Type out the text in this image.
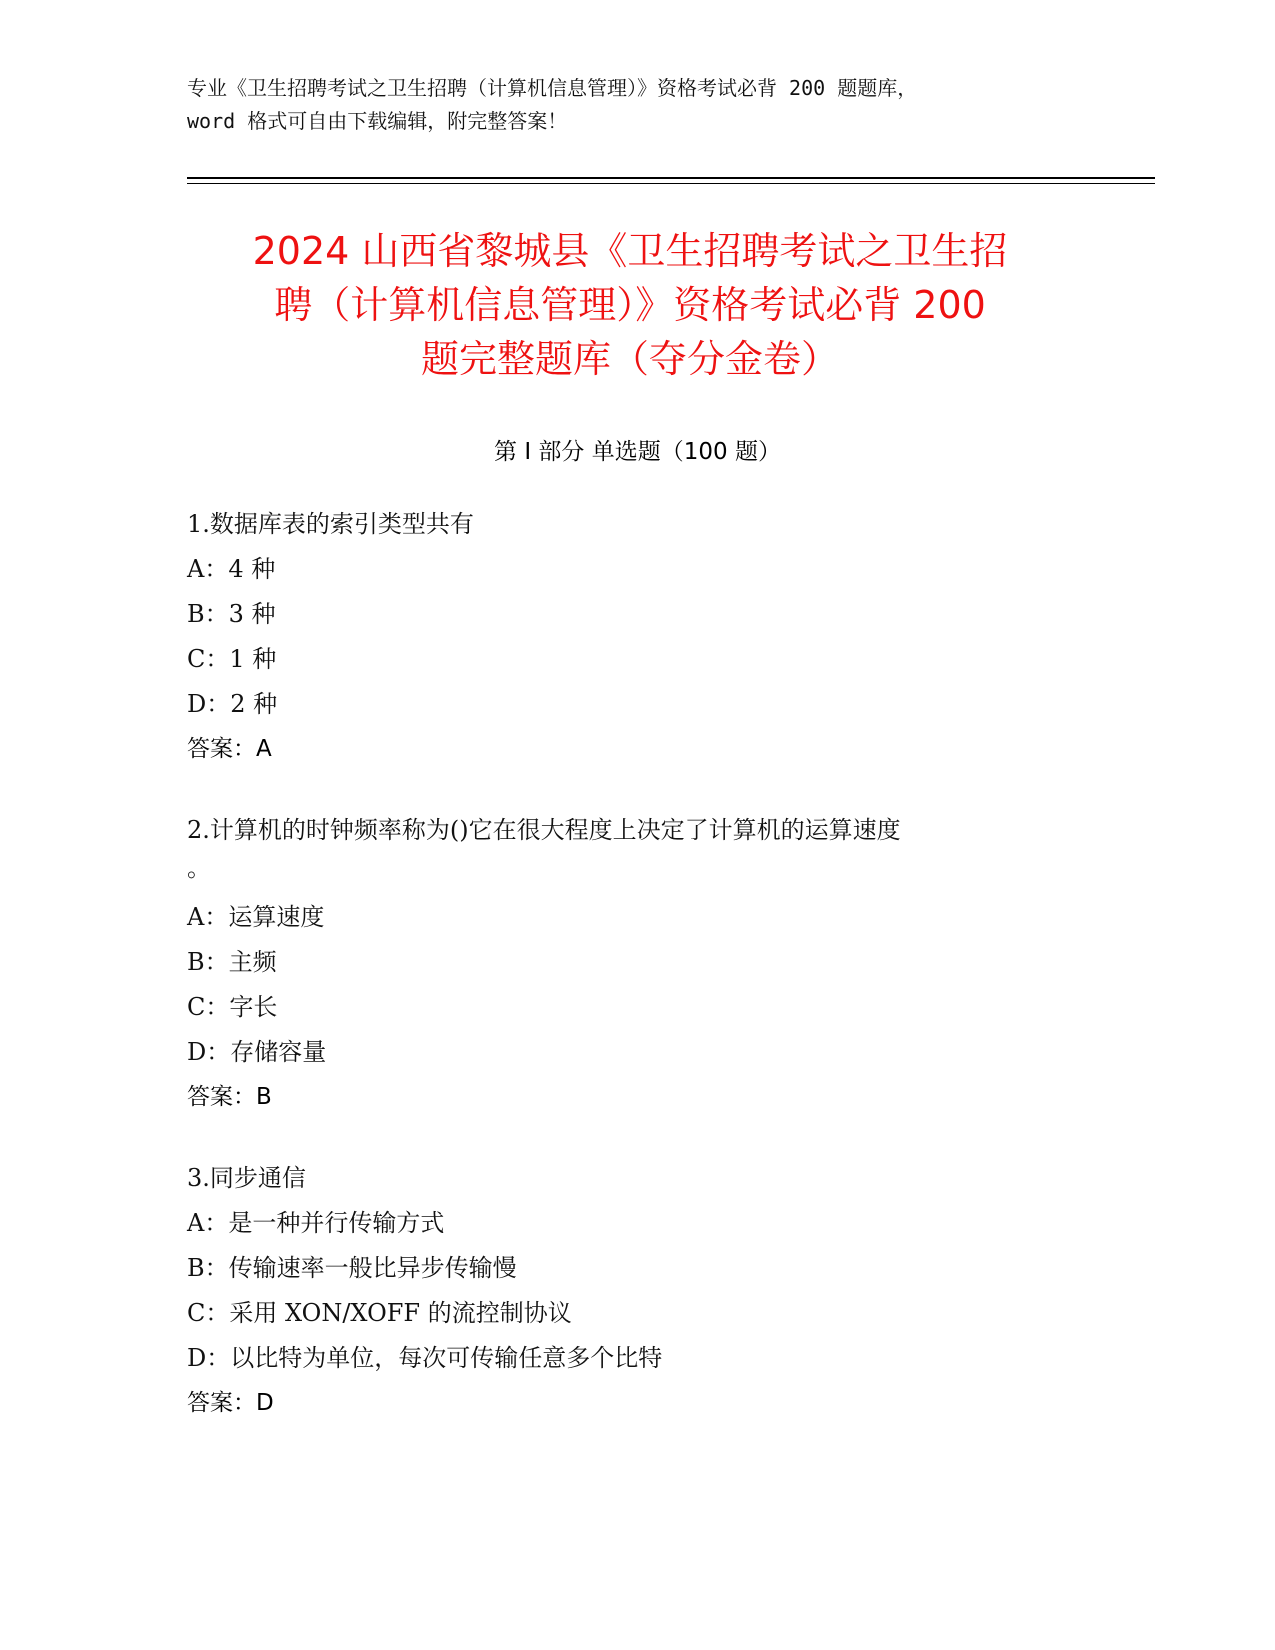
专业《卫生招聘考试之卫生招聘（计算机信息管理）》资格考试必背 200 题题库，
word 格式可自由下载编辑，附完整答案！
2024 山西省黎城县《卫生招聘考试之卫生招
聘（计算机信息管理）》资格考试必背 200
题完整题库（夺分金卷）
第 I 部分 单选题（100 题）
1.数据库表的索引类型共有
A：4 种
B：3 种
C：1 种
D：2 种
答案：A
2.计算机的时钟频率称为()它在很大程度上决定了计算机的运算速度
。
A：运算速度
B：主频
C：字长
D：存储容量
答案：B
3.同步通信
A：是一种并行传输方式
B：传输速率一般比异步传输慢
C：采用 XON/XOFF 的流控制协议
D：以比特为单位，每次可传输任意多个比特
答案：D
